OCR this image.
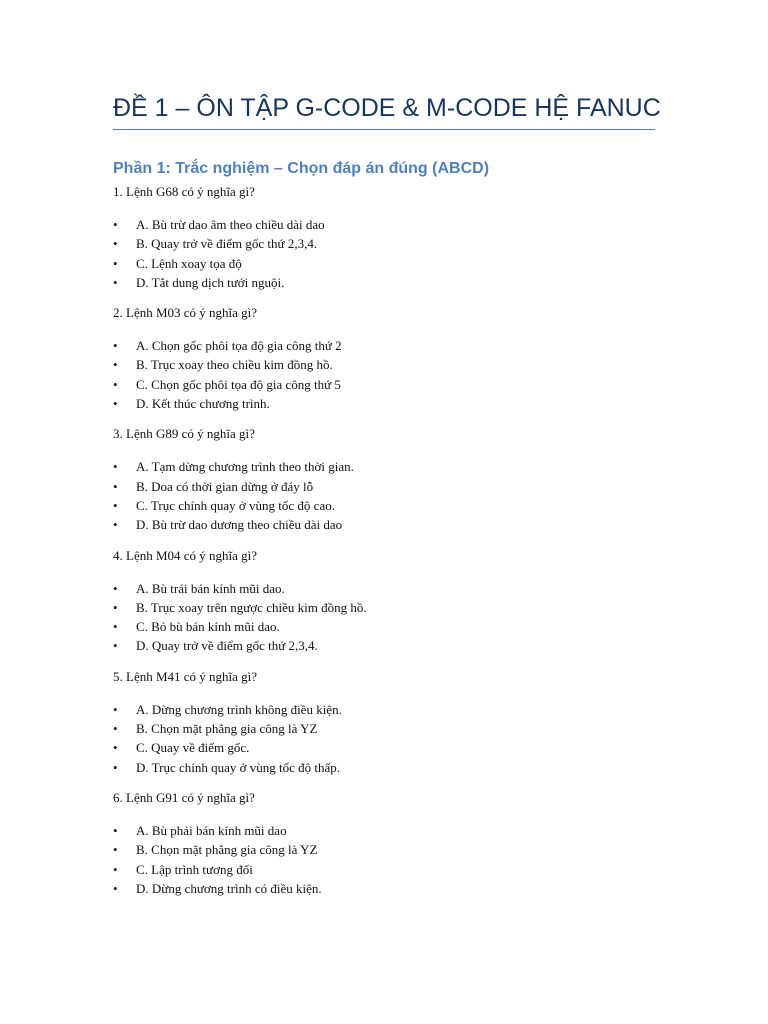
ĐỀ 1 – ÔN TẬP G-CODE & M-CODE HỆ FANUC
Phần 1: Trắc nghiệm – Chọn đáp án đúng (ABCD)

1. Lệnh G68 có ý nghĩa gì?

• A. Bù trừ dao âm theo chiều dài dao
• B. Quay trở về điểm gốc thứ 2,3,4.
• C. Lệnh xoay tọa độ
• D. Tắt dung dịch tưới nguội.

2. Lệnh M03 có ý nghĩa gì?

• A. Chọn gốc phôi tọa độ gia công thứ 2
• B. Trục xoay theo chiều kim đồng hồ.
• C. Chọn gốc phôi tọa độ gia công thứ 5
• D. Kết thúc chương trình.

3. Lệnh G89 có ý nghĩa gì?

• A. Tạm dừng chương trình theo thời gian.
• B. Doa có thời gian dừng ở đáy lỗ
• C. Trục chính quay ở vùng tốc độ cao.
• D. Bù trừ dao dương theo chiều dài dao

4. Lệnh M04 có ý nghĩa gì?

• A. Bù trái bán kính mũi dao.
• B. Trục xoay trên ngược chiều kim đồng hồ.
• C. Bỏ bù bán kính mũi dao.
• D. Quay trở về điểm gốc thứ 2,3,4.

5. Lệnh M41 có ý nghĩa gì?

• A. Dừng chương trình không điều kiện.
• B. Chọn mặt phẳng gia công là YZ
• C. Quay về điểm gốc.
• D. Trục chính quay ở vùng tốc độ thấp.

6. Lệnh G91 có ý nghĩa gì?

• A. Bù phải bán kính mũi dao
• B. Chọn mặt phẳng gia công là YZ
• C. Lập trình tương đối
• D. Dừng chương trình có điều kiện.
